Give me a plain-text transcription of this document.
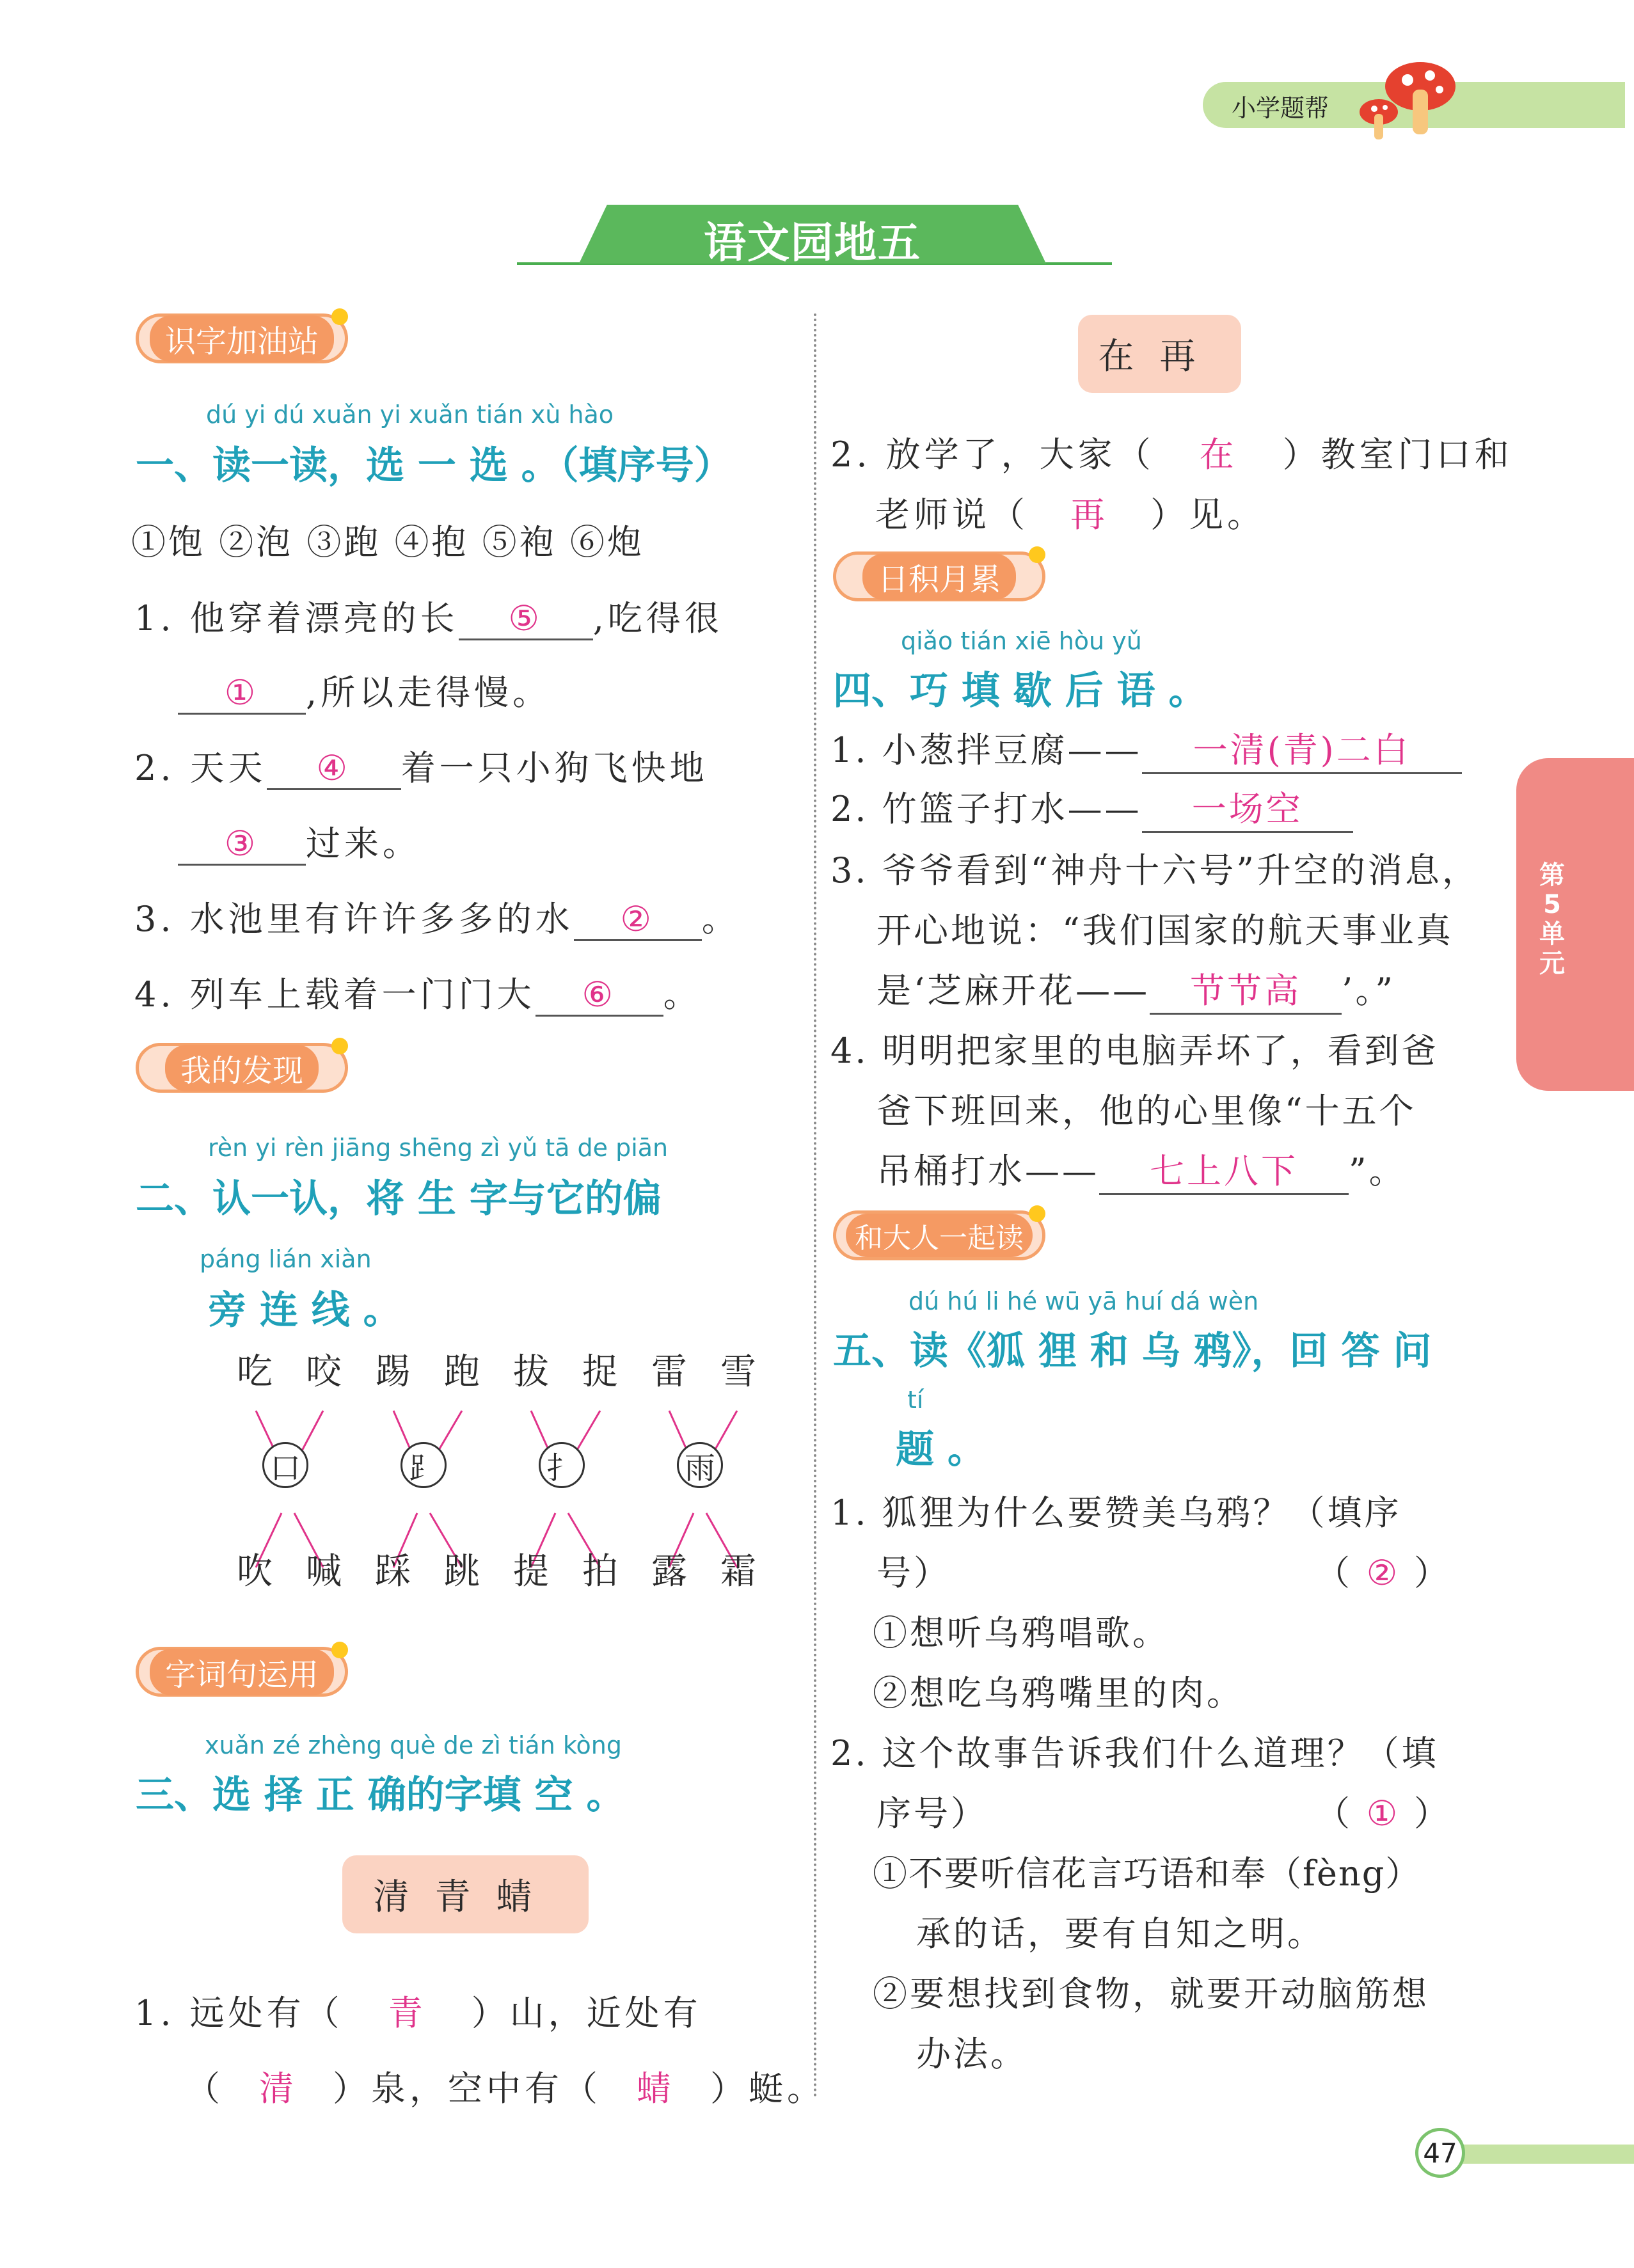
小学题帮
语文园地五
第
5
单
元
识字加油站
dú yi dú xuǎn yi xuǎn tián xù hào
一、读一读，选 一 选 。（填序号）
①饱 ②泡 ③跑 ④抱 ⑤袍 ⑥炮
1. 他穿着漂亮的长 ⑤ ,吃得很
① ,所以走得慢。
2. 天天 ④ 着一只小狗飞快地
③ 过来。
3. 水池里有许许多多的水 ② 。
4. 列车上载着一门门大 ⑥ 。
我的发现
rèn yi rèn jiāng shēng zì yǔ tā de piān
二、认一认，将 生 字与它的偏
páng lián xiàn
旁 连 线 。
吃 咬 踢 跑 拔 捉 雷 雪
口	⻊	扌	雨
吹 喊 踩 跳 提 拍 露 霜
字词句运用
xuǎn zé zhèng què de zì tián kòng
三、选 择 正 确的字填 空 。
清青蜻
1. 远处有（ 青 ）山，近处有
（ 清 ）泉，空中有（ 蜻 ）蜓。
在再
2. 放学了，大家（ 在 ）教室门口和
老师说（ 再 ）见。
日积月累
qiǎo tián xiē hòu yǔ
四、巧 填 歇 后 语 。
1. 小葱拌豆腐—— 一清(青)二白
2. 竹篮子打水—— 一场空
3. 爷爷看到“神舟十六号”升空的消息，
开心地说：“我们国家的航天事业真
是‘芝麻开花—— 节节高 ’。”
4. 明明把家里的电脑弄坏了，看到爸
爸下班回来，他的心里像“十五个
吊桶打水—— 七上八下 ”。
和大人一起读
dú hú li hé wū yā huí dá wèn
五、读《狐 狸 和 乌 鸦》，回 答 问
tí
题 。
1. 狐狸为什么要赞美乌鸦？（填序
号）	（ ② ）
①想听乌鸦唱歌。
②想吃乌鸦嘴里的肉。
2. 这个故事告诉我们什么道理？（填
序号）	（ ① ）
①不要听信花言巧语和奉（fèng）
承的话，要有自知之明。
②要想找到食物，就要开动脑筋想
办法。
47
